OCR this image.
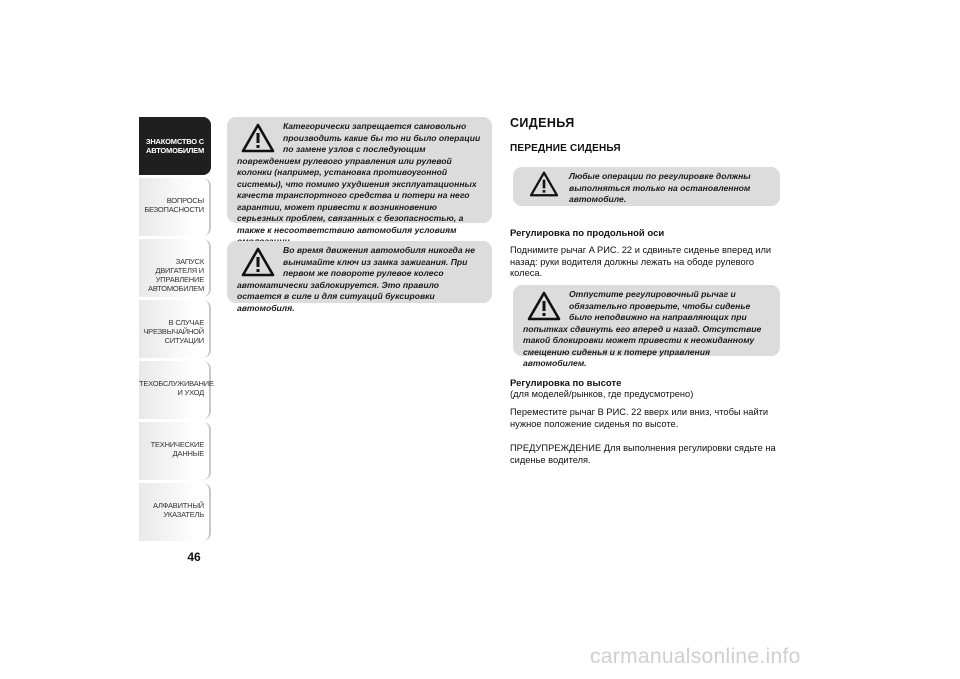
ЗНАКОМСТВО С
АВТОМОБИЛЕМ
ВОПРОСЫ
БЕЗОПАСНОСТИ
ЗАПУСК ДВИГАТЕЛЯ И
УПРАВЛЕНИЕ
АВТОМОБИЛЕМ
В СЛУЧАЕ
ЧРЕЗВЫЧАЙНОЙ
СИТУАЦИИ
ТЕХОБСЛУЖИВАНИЕ
И УХОД
ТЕХНИЧЕСКИЕ
ДАННЫЕ
АЛФАВИТНЫЙ
УКАЗАТЕЛЬ
46

Категорически запрещается самовольно производить какие бы то ни было операции по замене узлов с последующим повреждением рулевого управления или рулевой колонки (например, установка противоугонной системы), что помимо ухудшения эксплуатационных качеств транспортного средства и потери на него гарантии, может привести к возникновению серьезных проблем, связанных с безопасностью, а также к несоответствию автомобиля условиям

Во время движения автомобиля никогда не вынимайте ключ из замка зажигания. При первом же повороте рулевое колесо автоматически заблокируется. Это правило остается в силе и для ситуаций буксировки автомобиля.

СИДЕНЬЯ
ПЕРЕДНИЕ СИДЕНЬЯ

Любые операции по регулировке должны выполняться только на остановленном автомобиле.

Регулировка по продольной оси

Поднимите рычаг A РИС. 22 и сдвиньте сиденье вперед или назад: руки водителя должны лежать на ободе рулевого колеса.

Отпустите регулировочный рычаг и обязательно проверьте, чтобы сиденье было неподвижно на направляющих при попытках сдвинуть его вперед и назад. Отсутствие такой блокировки может привести к неожиданному смещению сиденья и к потере управления автомобилем.

Регулировка по высоте

(для моделей/рынков, где предусмотрено)

Переместите рычаг B РИС. 22 вверх или вниз, чтобы найти нужное положение сиденья по высоте.

ПРЕДУПРЕЖДЕНИЕ Для выполнения регулировки сядьте на сиденье водителя.

carmanualsonline.info
